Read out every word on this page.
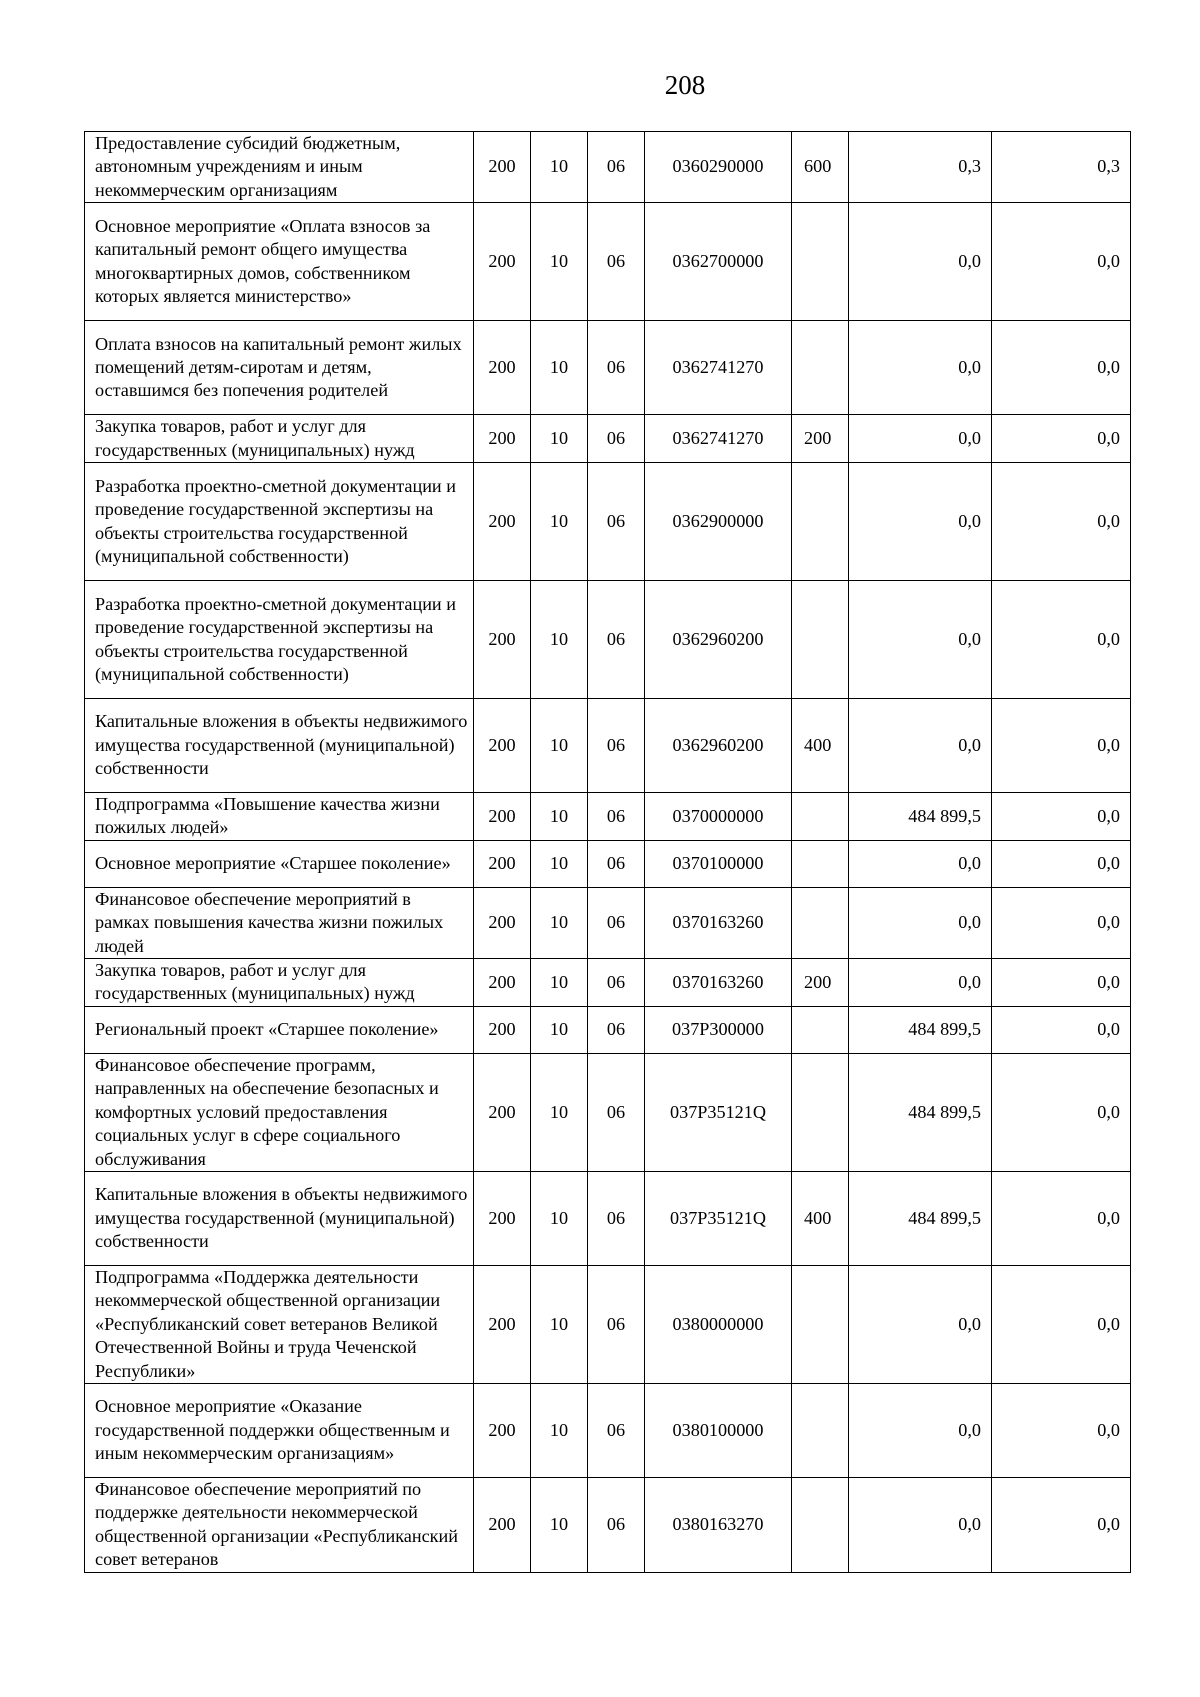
208
Предоставление субсидий бюджетным, автономным учреждениям и иным некоммерческим организациям	200	10	06	0360290000	600	0,3	0,3
Основное мероприятие «Оплата взносов за капитальный ремонт общего имущества многоквартирных домов, собственником которых является министерство»	200	10	06	0362700000		0,0	0,0
Оплата взносов на капитальный ремонт жилых помещений детям-сиротам и детям, оставшимся без попечения родителей	200	10	06	0362741270		0,0	0,0
Закупка товаров, работ и услуг для государственных (муниципальных) нужд	200	10	06	0362741270	200	0,0	0,0
Разработка проектно-сметной документации и проведение государственной экспертизы на объекты строительства государственной (муниципальной собственности)	200	10	06	0362900000		0,0	0,0
Разработка проектно-сметной документации и проведение государственной экспертизы на объекты строительства государственной (муниципальной собственности)	200	10	06	0362960200		0,0	0,0
Капитальные вложения в объекты недвижимого имущества государственной (муниципальной) собственности	200	10	06	0362960200	400	0,0	0,0
Подпрограмма «Повышение качества жизни пожилых людей»	200	10	06	0370000000		484 899,5	0,0
Основное мероприятие «Старшее поколение»	200	10	06	0370100000		0,0	0,0
Финансовое обеспечение мероприятий в рамках повышения качества жизни пожилых людей	200	10	06	0370163260		0,0	0,0
Закупка товаров, работ и услуг для государственных (муниципальных) нужд	200	10	06	0370163260	200	0,0	0,0
Региональный проект «Старшее поколение»	200	10	06	037P300000		484 899,5	0,0
Финансовое обеспечение программ, направленных на обеспечение безопасных и комфортных условий предоставления социальных услуг в сфере социального обслуживания	200	10	06	037P35121Q		484 899,5	0,0
Капитальные вложения в объекты недвижимого имущества государственной (муниципальной) собственности	200	10	06	037P35121Q	400	484 899,5	0,0
Подпрограмма «Поддержка деятельности некоммерческой общественной организации «Республиканский совет ветеранов Великой Отечественной Войны и труда Чеченской Республики»	200	10	06	0380000000		0,0	0,0
Основное мероприятие «Оказание государственной поддержки общественным и иным некоммерческим организациям»	200	10	06	0380100000		0,0	0,0
Финансовое обеспечение мероприятий по поддержке деятельности некоммерческой общественной организации «Республиканский совет ветеранов	200	10	06	0380163270		0,0	0,0
